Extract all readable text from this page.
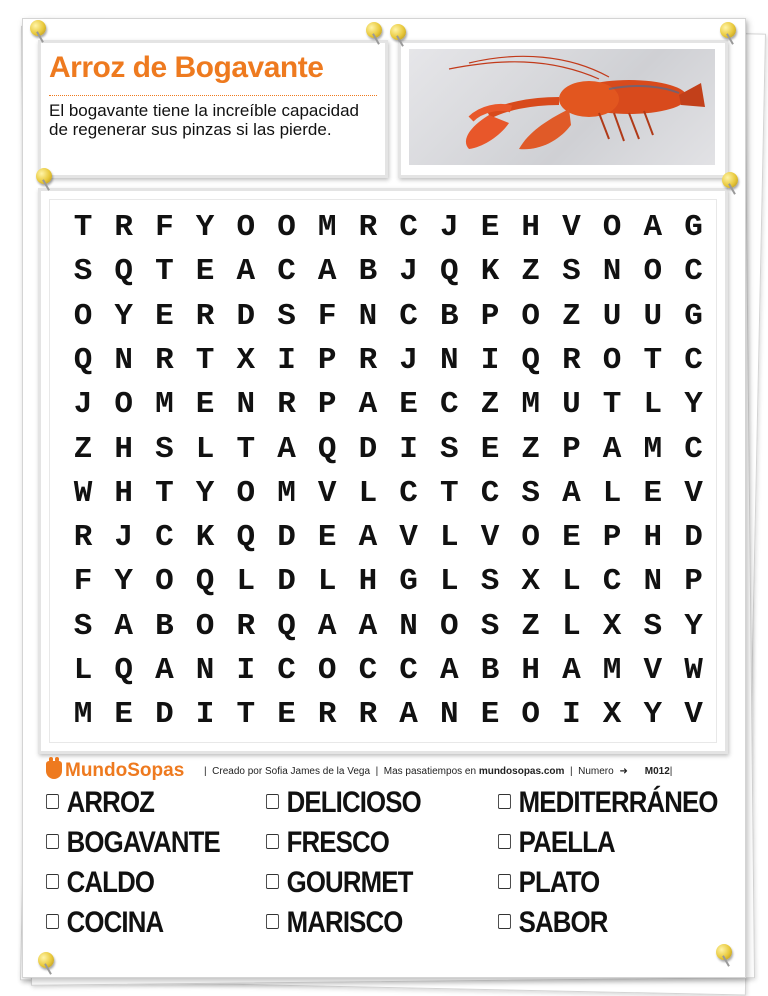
Arroz de Bogavante
El bogavante tiene la increíble capacidad de regenerar sus pinzas si las pierde.
T R F Y O O M R C J E H V O A G
S Q T E A C A B J Q K Z S N O C
O Y E R D S F N C B P O Z U U G
Q N R T X I P R J N I Q R O T C
J O M E N R P A E C Z M U T L Y
Z H S L T A Q D I S E Z P A M C
W H T Y O M V L C T C S A L E V
R J C K Q D E A V L V O E P H D
F Y O Q L D L H G L S X L C N P
S A B O R Q A A N O S Z L X S Y
L Q A N I C O C C A B H A M V W
M E D I T E R R A N E O I X Y V
MundoSopas |  Creado por Sofia James de la Vega  |  Mas pasatiempos en mundosopas.com  |  Numero ➜ M012|
ARROZ
BOGAVANTE
CALDO
COCINA
DELICIOSO
FRESCO
GOURMET
MARISCO
MEDITERRÁNEO
PAELLA
PLATO
SABOR
